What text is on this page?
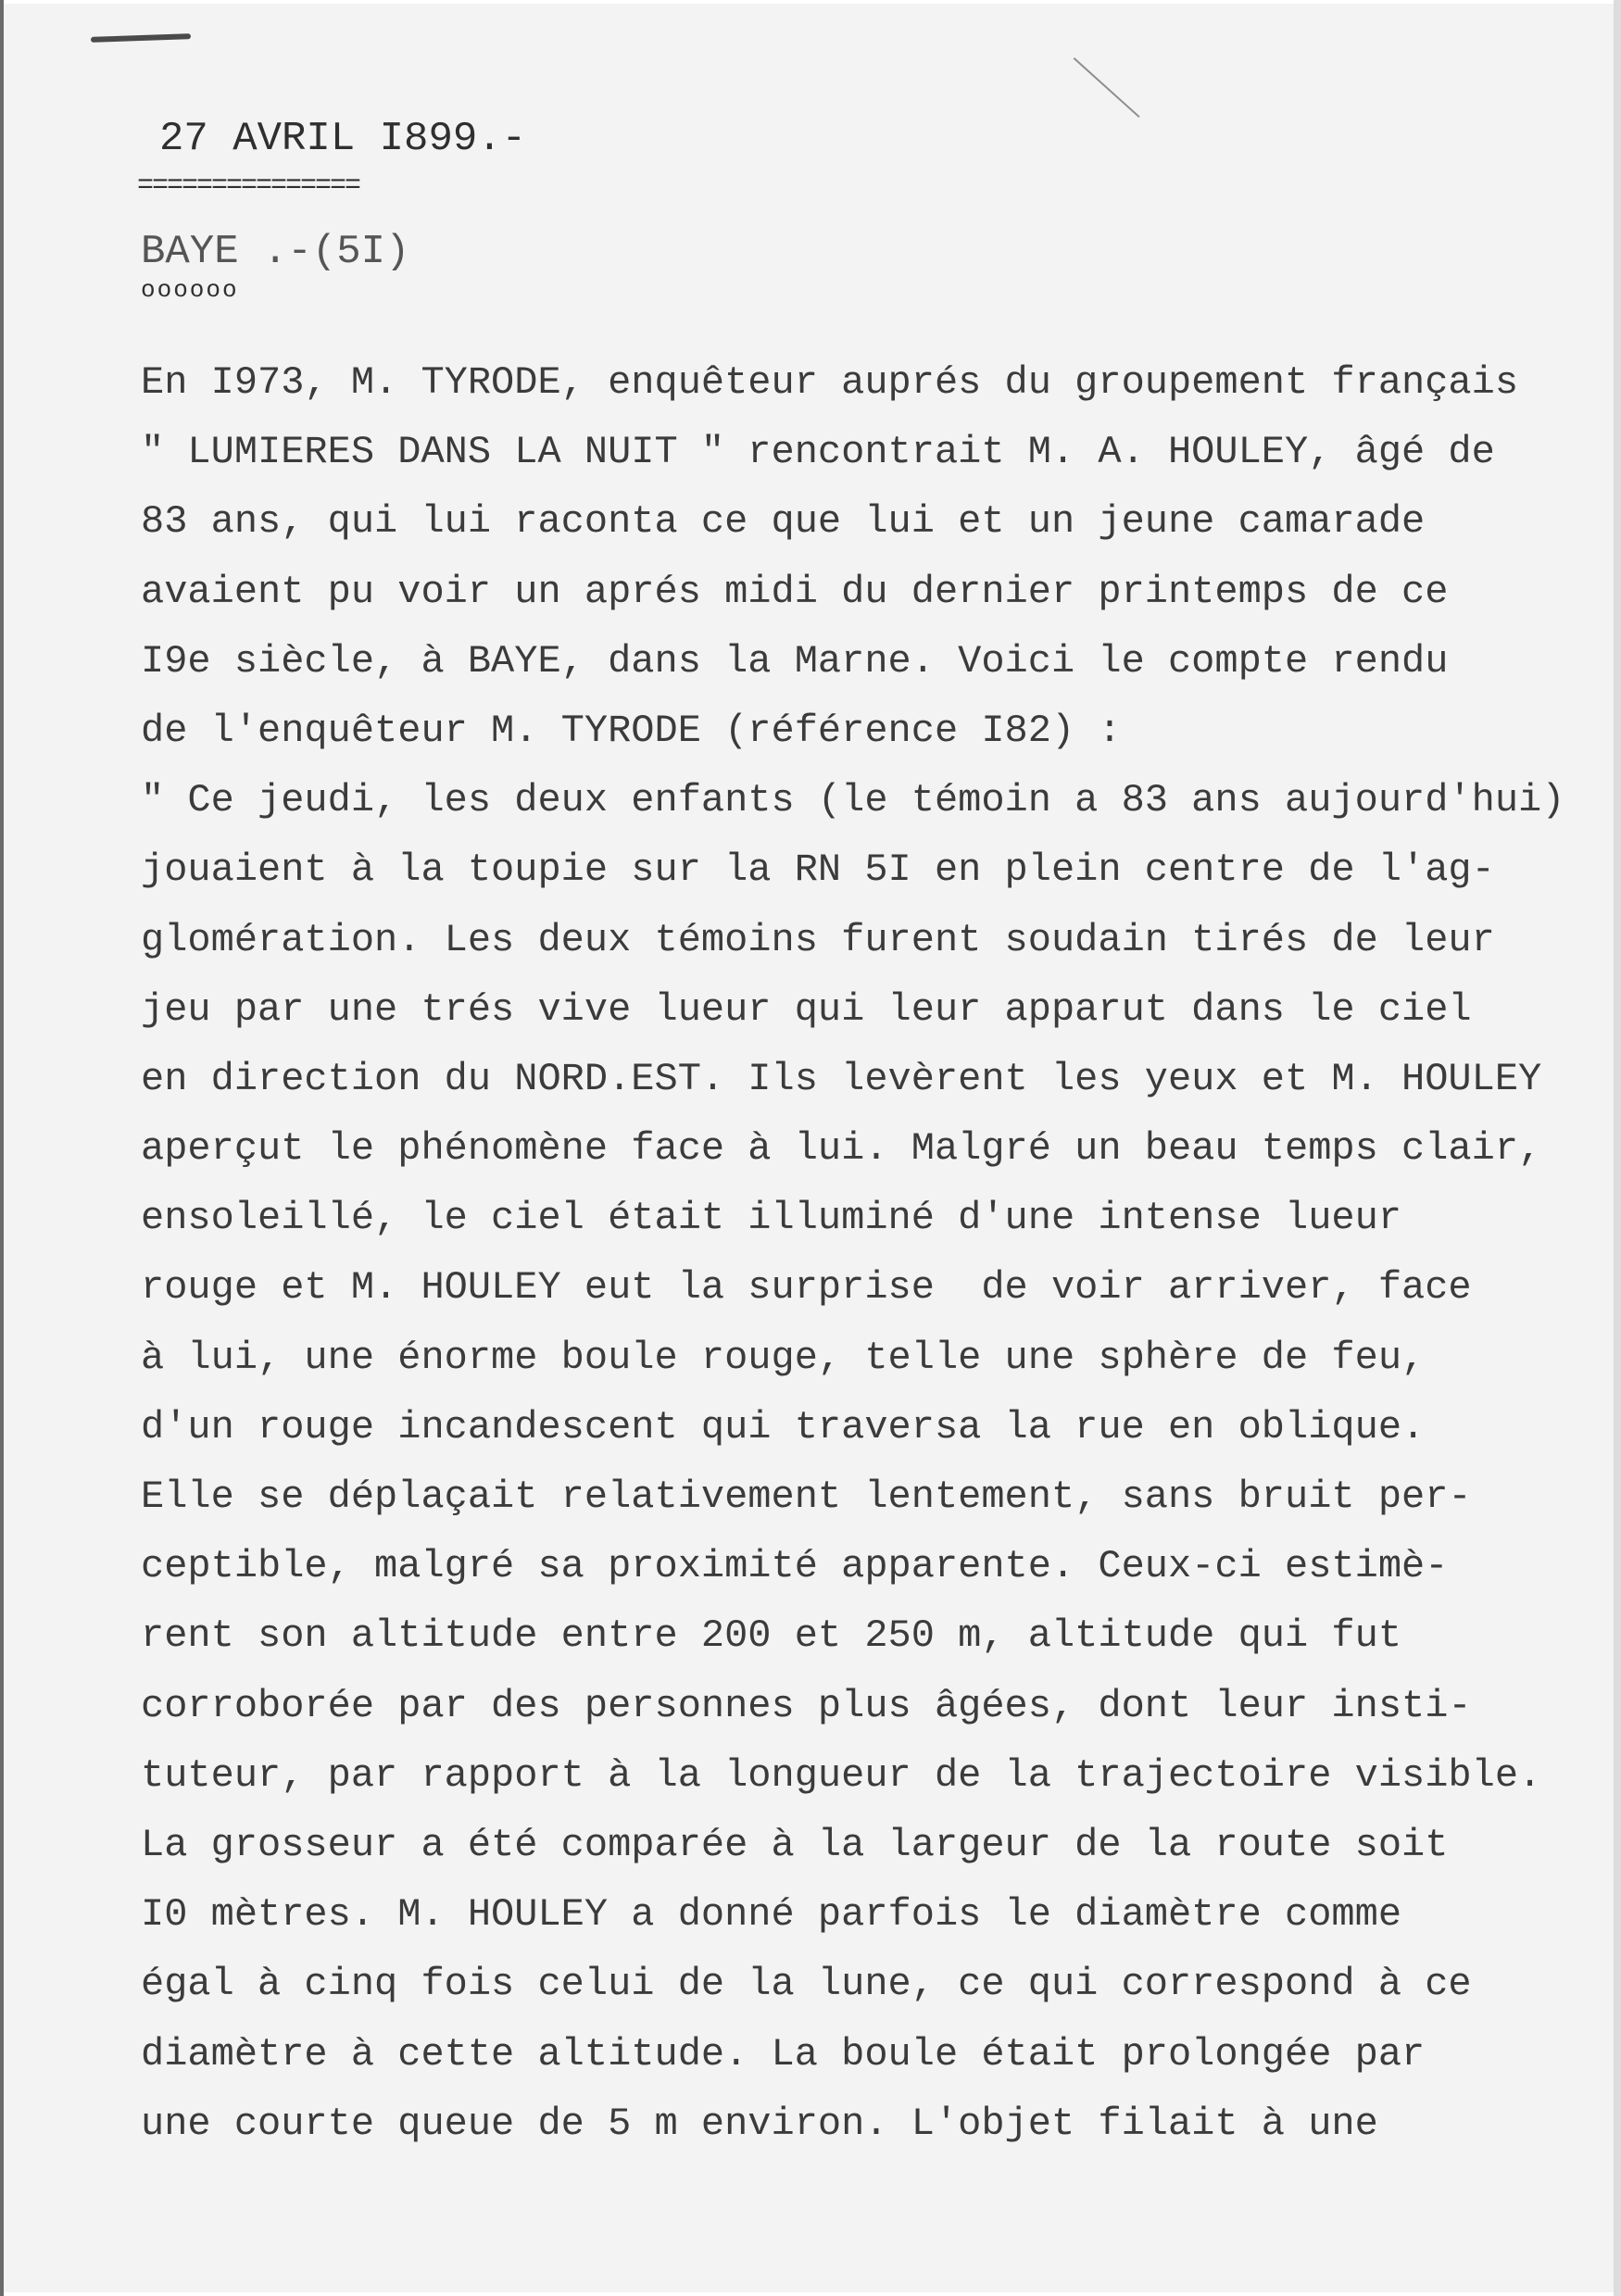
27 AVRIL I899.-
===============
BAYE .-(5I)
oooooo
En I973, M. TYRODE, enquêteur auprés du groupement français
" LUMIERES DANS LA NUIT " rencontrait M. A. HOULEY, âgé de
83 ans, qui lui raconta ce que lui et un jeune camarade
avaient pu voir un aprés midi du dernier printemps de ce
I9e siècle, à BAYE, dans la Marne. Voici le compte rendu
de l'enquêteur M. TYRODE (référence I82) :
" Ce jeudi, les deux enfants (le témoin a 83 ans aujourd'hui)
jouaient à la toupie sur la RN 5I en plein centre de l'ag-
glomération. Les deux témoins furent soudain tirés de leur
jeu par une trés vive lueur qui leur apparut dans le ciel
en direction du NORD.EST. Ils levèrent les yeux et M. HOULEY
aperçut le phénomène face à lui. Malgré un beau temps clair,
ensoleillé, le ciel était illuminé d'une intense lueur
rouge et M. HOULEY eut la surprise  de voir arriver, face
à lui, une énorme boule rouge, telle une sphère de feu,
d'un rouge incandescent qui traversa la rue en oblique.
Elle se déplaçait relativement lentement, sans bruit per-
ceptible, malgré sa proximité apparente. Ceux-ci estimè-
rent son altitude entre 200 et 250 m, altitude qui fut
corroborée par des personnes plus âgées, dont leur insti-
tuteur, par rapport à la longueur de la trajectoire visible.
La grosseur a été comparée à la largeur de la route soit
I0 mètres. M. HOULEY a donné parfois le diamètre comme
égal à cinq fois celui de la lune, ce qui correspond à ce
diamètre à cette altitude. La boule était prolongée par
une courte queue de 5 m environ. L'objet filait à une
